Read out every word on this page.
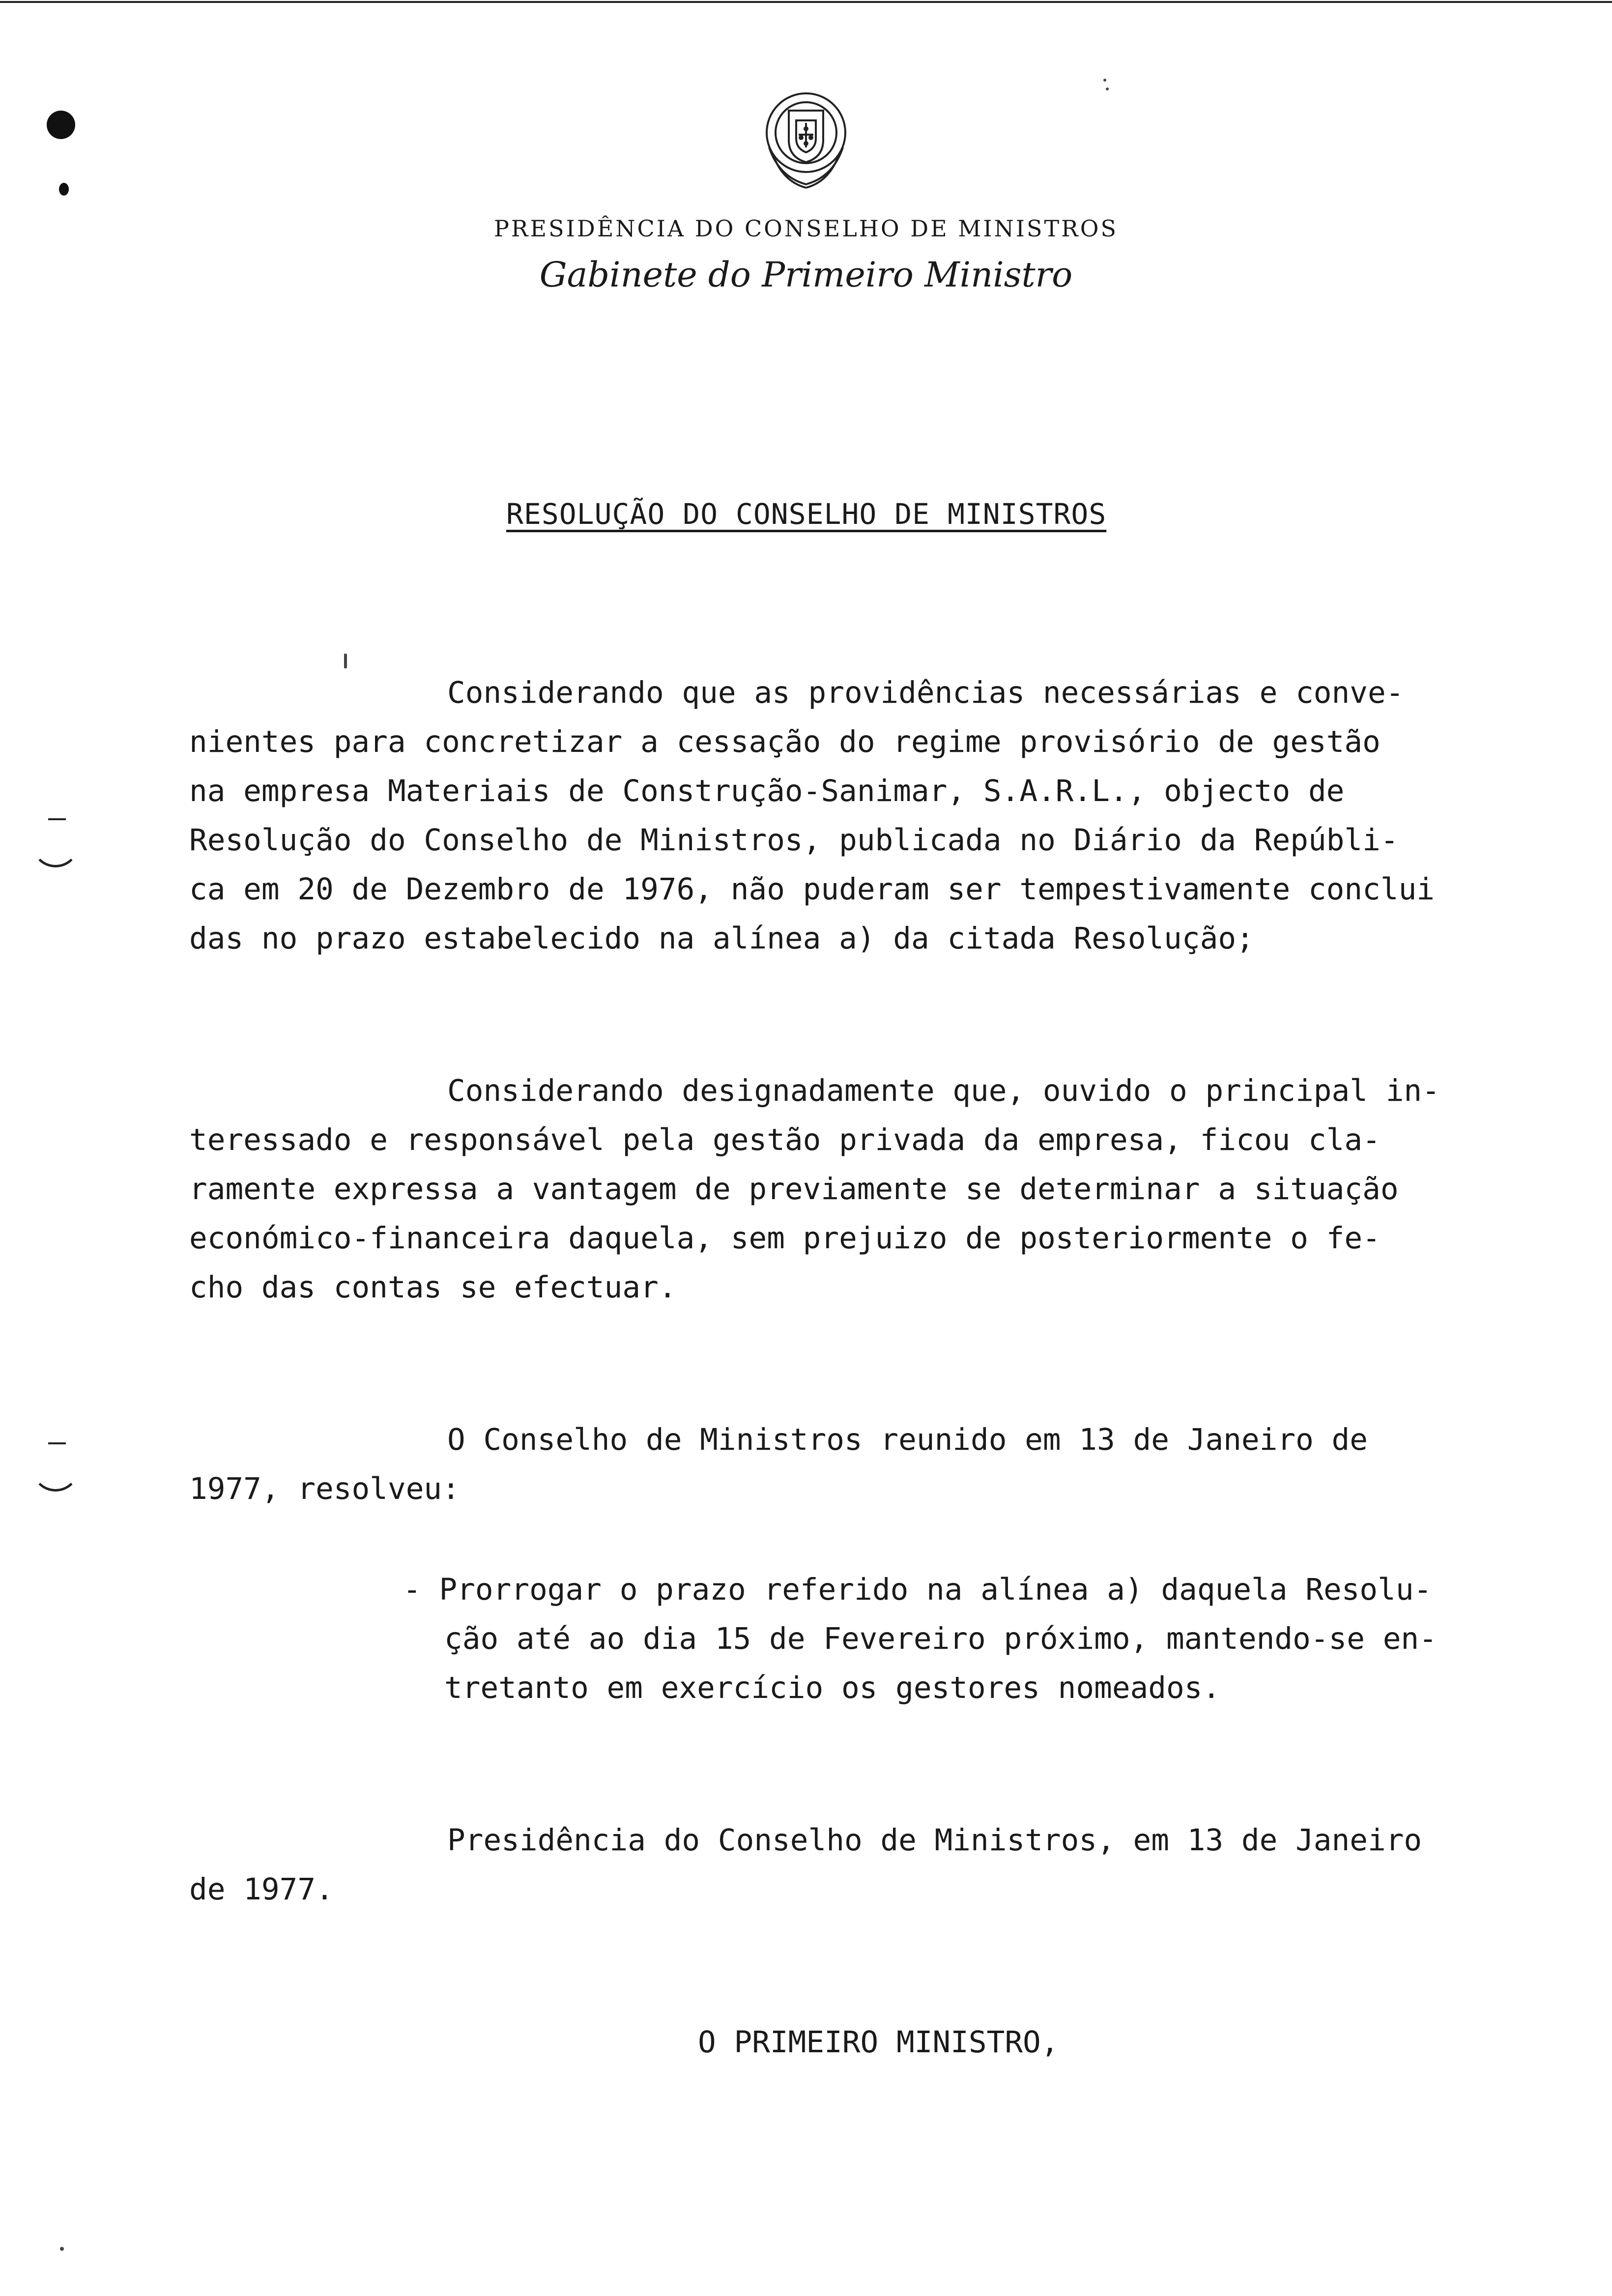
PRESIDÊNCIA DO CONSELHO DE MINISTROS
Gabinete do Primeiro Ministro
RESOLUÇÃO DO CONSELHO DE MINISTROS

Considerando que as providências necessárias e conve-
nientes para concretizar a cessação do regime provisório de gestão
na empresa Materiais de Construção-Sanimar, S.A.R.L., objecto de
Resolução do Conselho de Ministros, publicada no Diário da Repúbli-
ca em 20 de Dezembro de 1976, não puderam ser tempestivamente conclui
das no prazo estabelecido na alínea a) da citada Resolução;

Considerando designadamente que, ouvido o principal in-
teressado e responsável pela gestão privada da empresa, ficou cla-
ramente expressa a vantagem de previamente se determinar a situação
económico-financeira daquela, sem prejuizo de posteriormente o fe-
cho das contas se efectuar.

O Conselho de Ministros reunido em 13 de Janeiro de
1977, resolveu:

- Prorrogar o prazo referido na alínea a) daquela Resolu-
ção até ao dia 15 de Fevereiro próximo, mantendo-se en-
tretanto em exercício os gestores nomeados.

Presidência do Conselho de Ministros, em 13 de Janeiro
de 1977.

O PRIMEIRO MINISTRO,
